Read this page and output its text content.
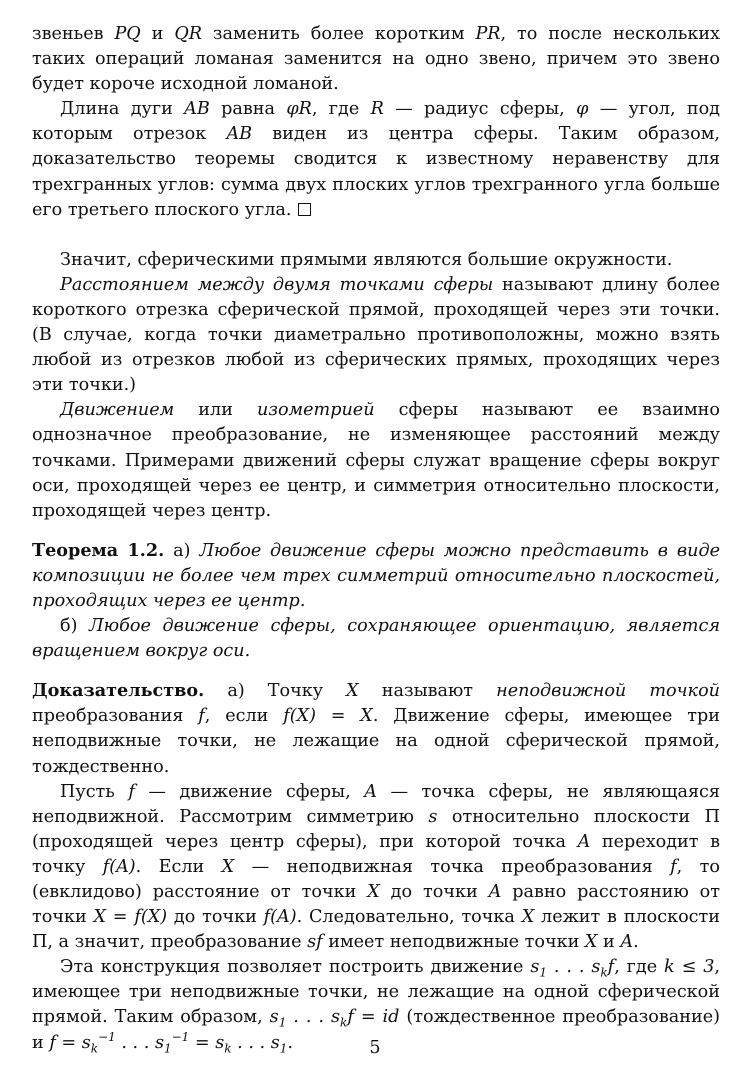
звеньев PQ и QR заменить более коротким PR, то после нескольких таких операций ломаная заменится на одно звено, причем это звено будет короче исходной ломаной.

Длина дуги AB равна φR, где R — радиус сферы, φ — угол, под которым отрезок AB виден из центра сферы. Таким образом, доказательство теоремы сводится к известному неравенству для трехгранных углов: сумма двух плоских углов трехгранного угла больше его третьего плоского угла.

Значит, сферическими прямыми являются большие окружности.

Расстоянием между двумя точками сферы называют длину более короткого отрезка сферической прямой, проходящей через эти точки. (В случае, когда точки диаметрально противоположны, можно взять любой из отрезков любой из сферических прямых, проходящих через эти точки.)

Движением или изометрией сферы называют ее взаимно однозначное преобразование, не изменяющее расстояний между точками. Примерами движений сферы служат вращение сферы вокруг оси, проходящей через ее центр, и симметрия относительно плоскости, проходящей через центр.

Теорема 1.2. а) Любое движение сферы можно представить в виде композиции не более чем трех симметрий относительно плоскостей, проходящих через ее центр.

б) Любое движение сферы, сохраняющее ориентацию, является вращением вокруг оси.

Доказательство. а) Точку X называют неподвижной точкой преобразования f, если f(X) = X. Движение сферы, имеющее три неподвижные точки, не лежащие на одной сферической прямой, тождественно.

Пусть f — движение сферы, A — точка сферы, не являющаяся неподвижной. Рассмотрим симметрию s относительно плоскости Π (проходящей через центр сферы), при которой точка A переходит в точку f(A). Если X — неподвижная точка преобразования f, то (евклидово) расстояние от точки X до точки A равно расстоянию от точки X = f(X) до точки f(A). Следовательно, точка X лежит в плоскости Π, а значит, преобразование sf имеет неподвижные точки X и A.

Эта конструкция позволяет построить движение $s_1$ . . . $s_kf$, где k ≤ 3, имеющее три неподвижные точки, не лежащие на одной сферической прямой. Таким образом, $s_1$ . . . $s_kf$ = id (тождественное преобразование) и $f = s_k^{-1}$ . . . $s_1^{-1} = s_k$ . . . $s_1$.	5
